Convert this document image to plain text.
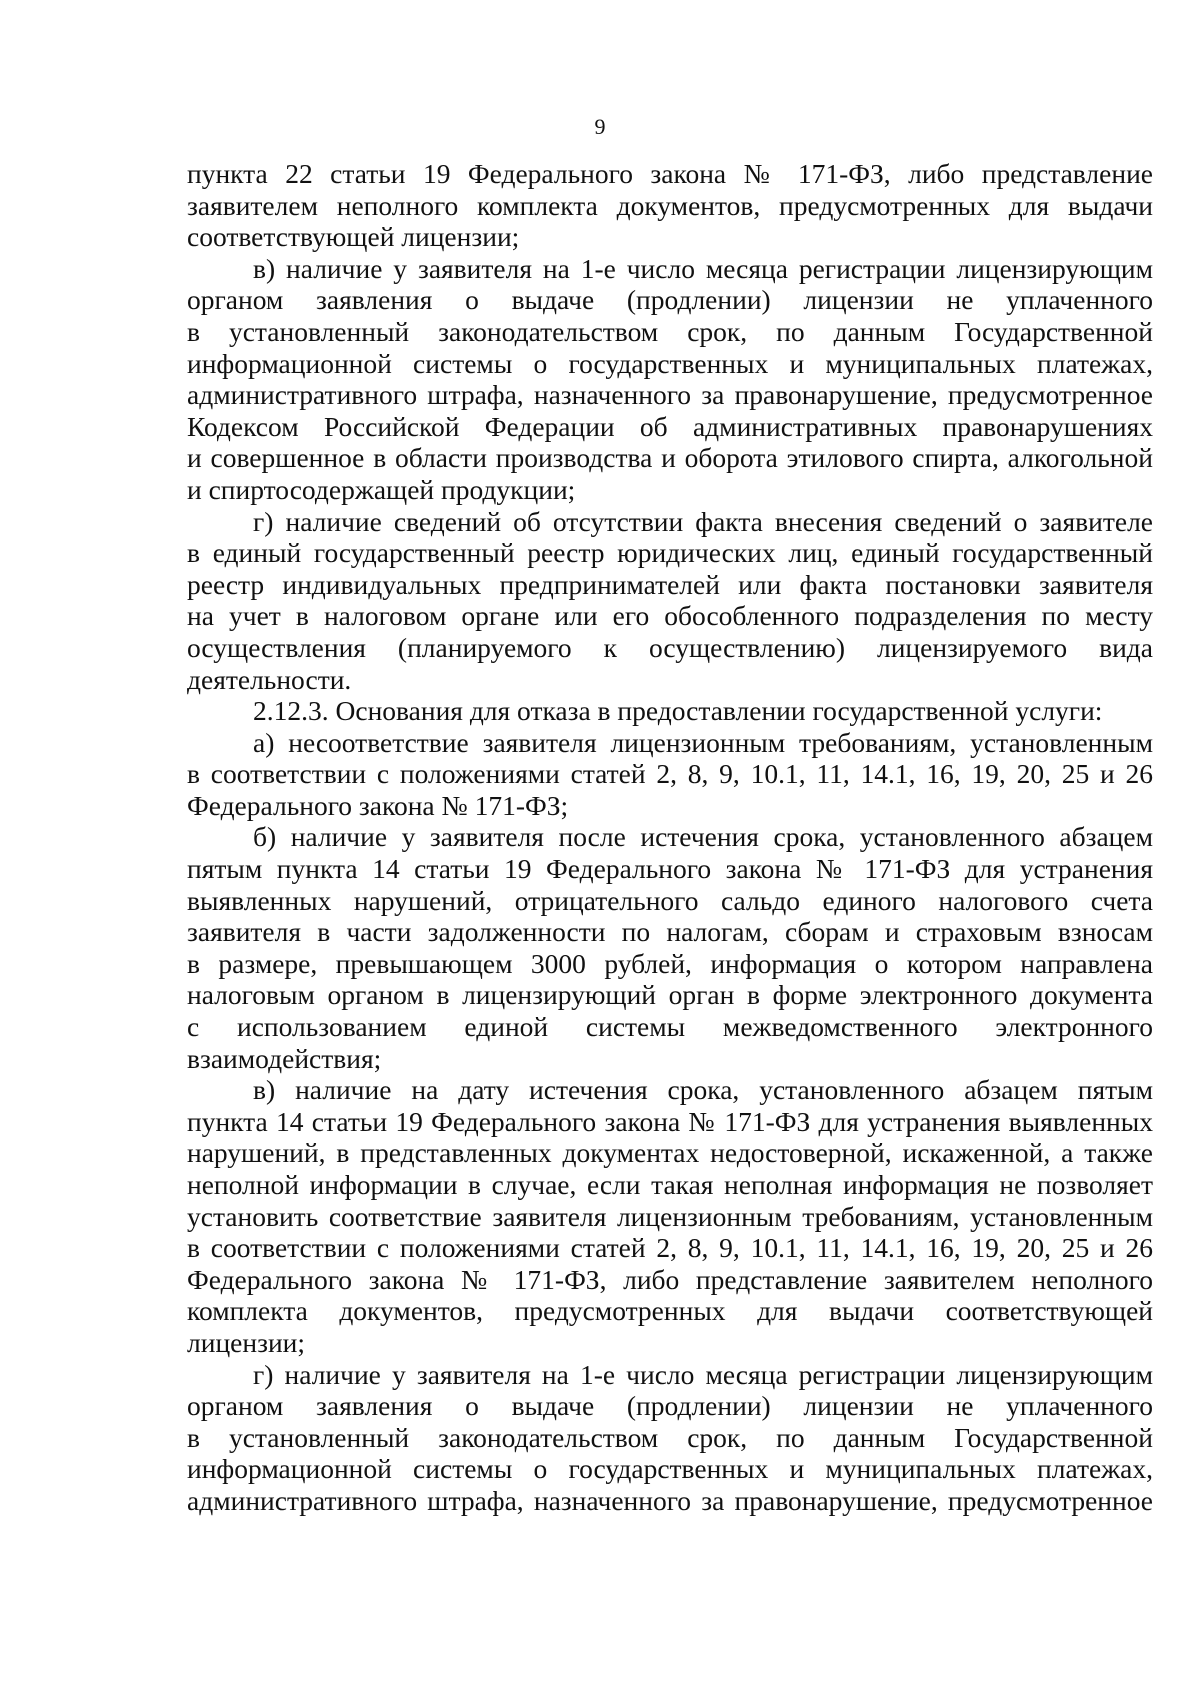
9
пункта 22 статьи 19 Федерального закона № 171-ФЗ, либо представление
заявителем неполного комплекта документов, предусмотренных для выдачи
соответствующей лицензии;
в) наличие у заявителя на 1-е число месяца регистрации лицензирующим
органом заявления о выдаче (продлении) лицензии не уплаченного
в установленный законодательством срок, по данным Государственной
информационной системы о государственных и муниципальных платежах,
административного штрафа, назначенного за правонарушение, предусмотренное
Кодексом Российской Федерации об административных правонарушениях
и совершенное в области производства и оборота этилового спирта, алкогольной
и спиртосодержащей продукции;
г) наличие сведений об отсутствии факта внесения сведений о заявителе
в единый государственный реестр юридических лиц, единый государственный
реестр индивидуальных предпринимателей или факта постановки заявителя
на учет в налоговом органе или его обособленного подразделения по месту
осуществления (планируемого к осуществлению) лицензируемого вида
деятельности.
2.12.3. Основания для отказа в предоставлении государственной услуги:
а) несоответствие заявителя лицензионным требованиям, установленным
в соответствии с положениями статей 2, 8, 9, 10.1, 11, 14.1, 16, 19, 20, 25 и 26
Федерального закона № 171-ФЗ;
б) наличие у заявителя после истечения срока, установленного абзацем
пятым пункта 14 статьи 19 Федерального закона № 171-ФЗ для устранения
выявленных нарушений, отрицательного сальдо единого налогового счета
заявителя в части задолженности по налогам, сборам и страховым взносам
в размере, превышающем 3000 рублей, информация о котором направлена
налоговым органом в лицензирующий орган в форме электронного документа
с использованием единой системы межведомственного электронного
взаимодействия;
в) наличие на дату истечения срока, установленного абзацем пятым
пункта 14 статьи 19 Федерального закона № 171-ФЗ для устранения выявленных
нарушений, в представленных документах недостоверной, искаженной, а также
неполной информации в случае, если такая неполная информация не позволяет
установить соответствие заявителя лицензионным требованиям, установленным
в соответствии с положениями статей 2, 8, 9, 10.1, 11, 14.1, 16, 19, 20, 25 и 26
Федерального закона № 171-ФЗ, либо представление заявителем неполного
комплекта документов, предусмотренных для выдачи соответствующей
лицензии;
г) наличие у заявителя на 1-е число месяца регистрации лицензирующим
органом заявления о выдаче (продлении) лицензии не уплаченного
в установленный законодательством срок, по данным Государственной
информационной системы о государственных и муниципальных платежах,
административного штрафа, назначенного за правонарушение, предусмотренное
